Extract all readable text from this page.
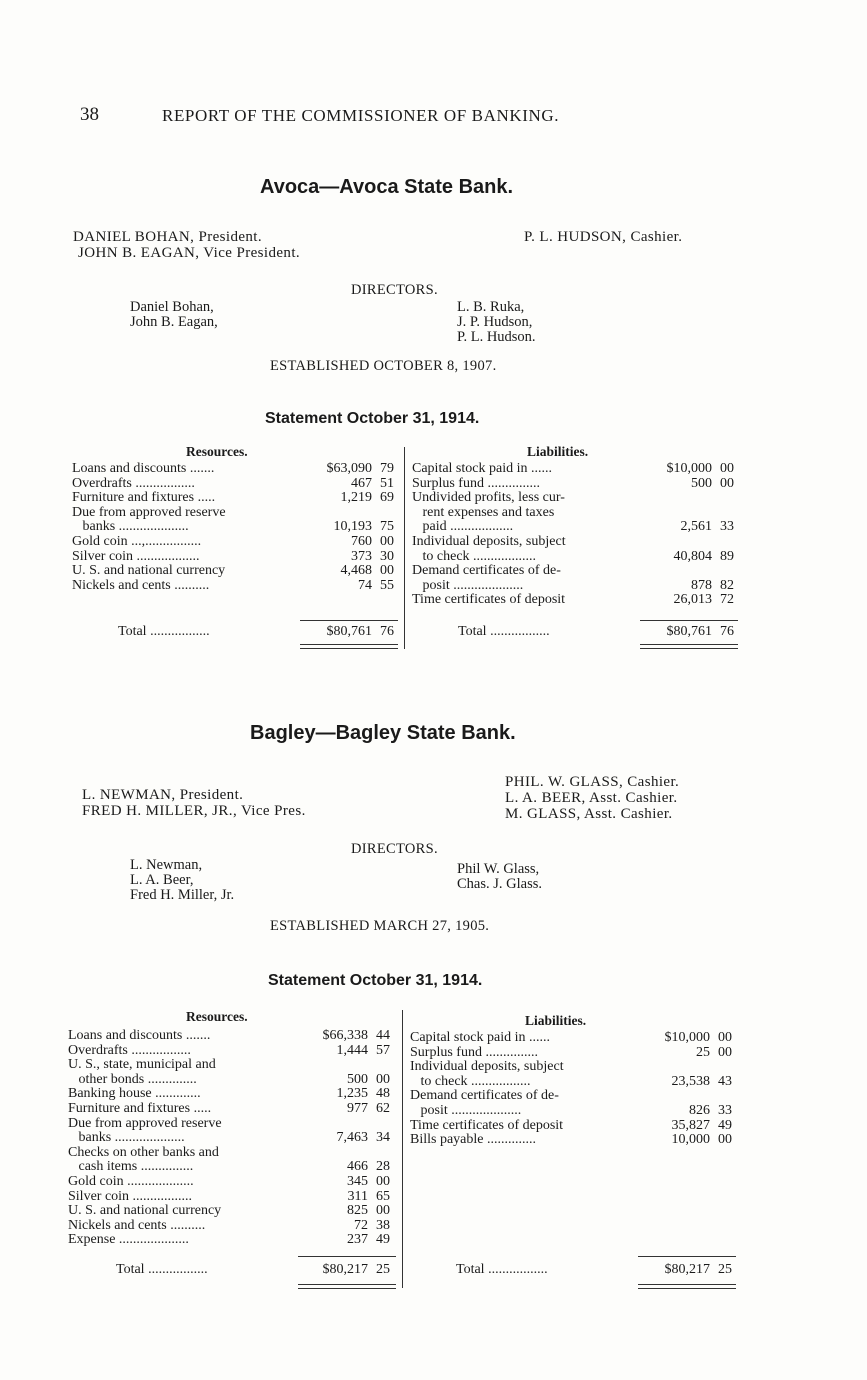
38	REPORT OF THE COMMISSIONER OF BANKING.
Avoca—Avoca State Bank.
DANIEL BOHAN, President.
JOHN B. EAGAN, Vice President.
P. L. HUDSON, Cashier.
DIRECTORS.
Daniel Bohan,
John B. Eagan,
L. B. Ruka,
J. P. Hudson,
P. L. Hudson.
ESTABLISHED OCTOBER 8, 1907.
Statement October 31, 1914.
Resources.	Liabilities.
Loans and discounts .......	$63,090 79
Overdrafts .................	467 51
Furniture and fixtures .....	1,219 69
Due from approved reserve
banks ....................	10,193 75
Gold coin ...,................	760 00
Silver coin ..................	373 30
U. S. and national currency	4,468 00
Nickels and cents ..........	74 55
Capital stock paid in ......	$10,000 00
Surplus fund ...............	500 00
Undivided profits, less cur-
rent expenses and taxes
paid ..................	2,561 33
Individual deposits, subject
to check ..................	40,804 89
Demand certificates of de-
posit ....................	878 82
Time certificates of deposit	26,013 72
Total .................	$80,761 76	Total .................	$80,761 76
Bagley—Bagley State Bank.
L. NEWMAN, President.
FRED H. MILLER, JR., Vice Pres.
PHIL. W. GLASS, Cashier.
L. A. BEER, Asst. Cashier.
M. GLASS, Asst. Cashier.
DIRECTORS.
L. Newman,
L. A. Beer,
Fred H. Miller, Jr.
Phil W. Glass,
Chas. J. Glass.
ESTABLISHED MARCH 27, 1905.
Statement October 31, 1914.
Resources.	Liabilities.
Loans and discounts .......	$66,338 44
Overdrafts .................	1,444 57
U. S., state, municipal and
other bonds ..............	500 00
Banking house .............	1,235 48
Furniture and fixtures .....	977 62
Due from approved reserve
banks ....................	7,463 34
Checks on other banks and
cash items ...............	466 28
Gold coin ...................	345 00
Silver coin .................	311 65
U. S. and national currency	825 00
Nickels and cents ..........	72 38
Expense ....................	237 49
Capital stock paid in ......	$10,000 00
Surplus fund ...............	25 00
Individual deposits, subject
to check .................	23,538 43
Demand certificates of de-
posit ....................	826 33
Time certificates of deposit	35,827 49
Bills payable ..............	10,000 00
Total .................	$80,217 25	Total .................	$80,217 25
